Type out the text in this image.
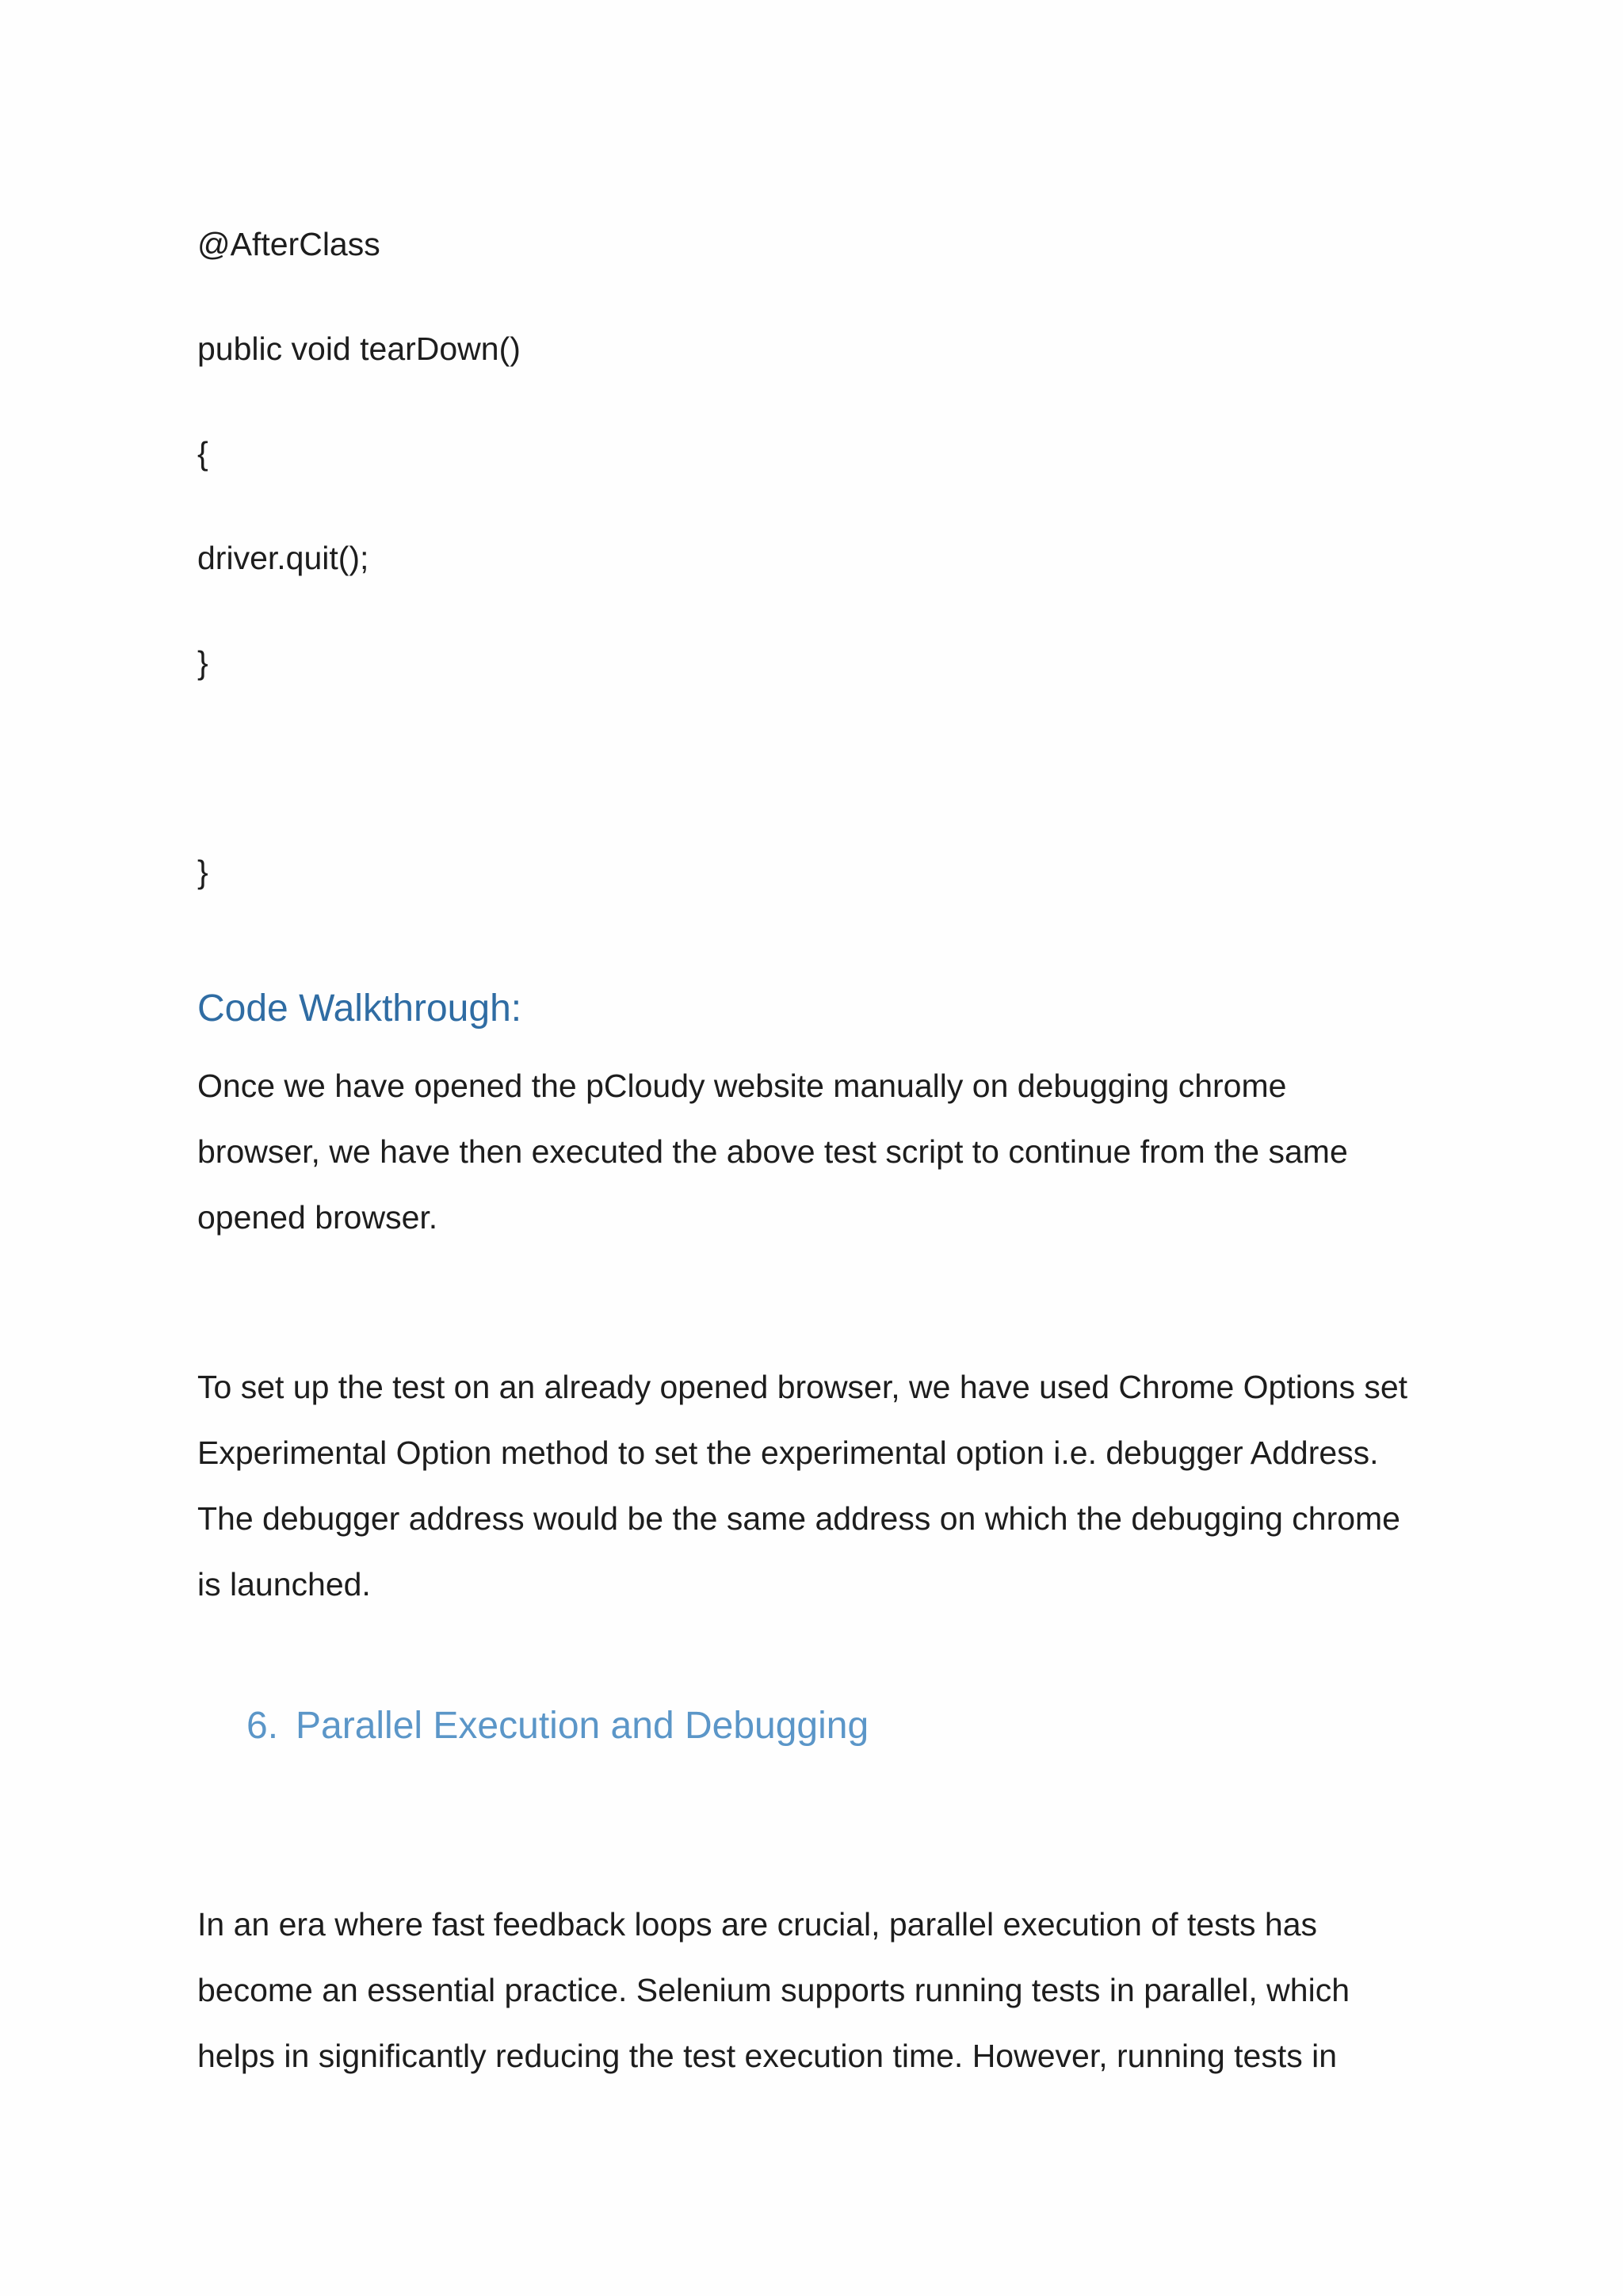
@AfterClass
public void tearDown()
{
driver.quit();
}
}
Code Walkthrough:
Once we have opened the pCloudy website manually on debugging chrome
browser, we have then executed the above test script to continue from the same
opened browser.
To set up the test on an already opened browser, we have used Chrome Options set
Experimental Option method to set the experimental option i.e. debugger Address.
The debugger address would be the same address on which the debugging chrome
is launched.
6. Parallel Execution and Debugging
In an era where fast feedback loops are crucial, parallel execution of tests has
become an essential practice. Selenium supports running tests in parallel, which
helps in significantly reducing the test execution time. However, running tests in
